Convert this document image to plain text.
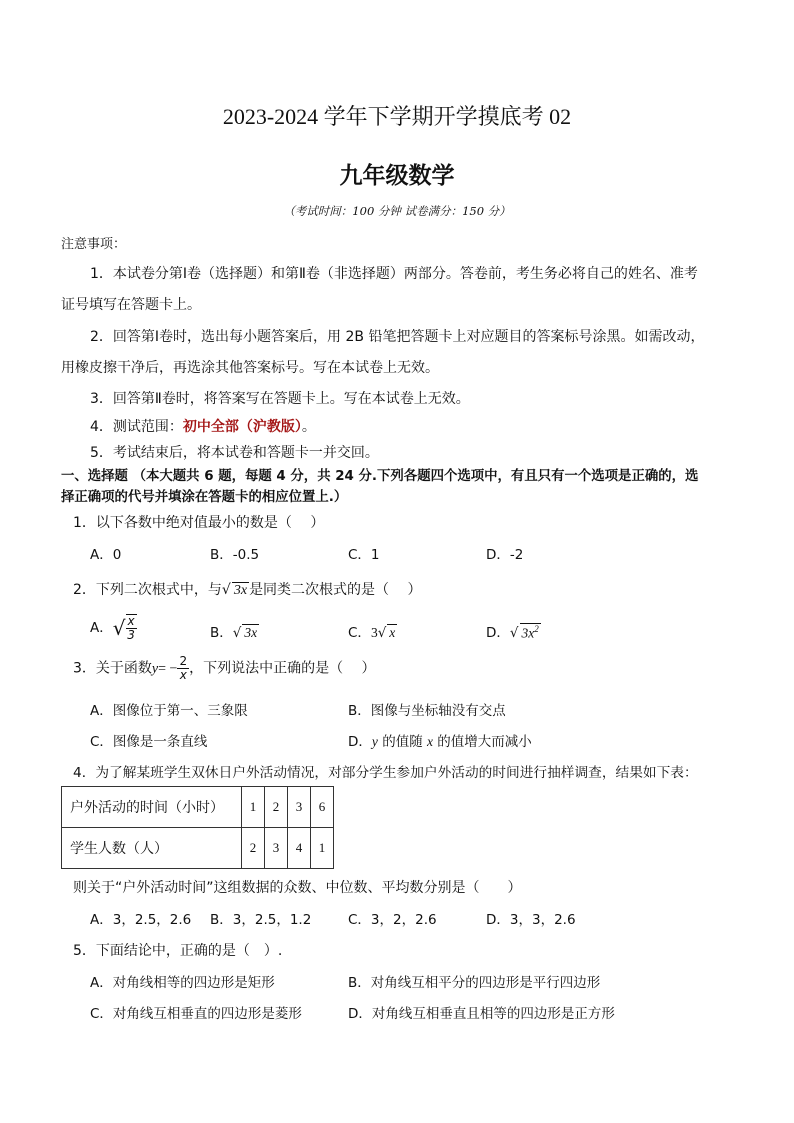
2023-2024 学年下学期开学摸底考 02
九年级数学
（考试时间：100 分钟 试卷满分：150 分）
注意事项：
1．本试卷分第Ⅰ卷（选择题）和第Ⅱ卷（非选择题）两部分。答卷前，考生务必将自己的姓名、准考
证号填写在答题卡上。
2．回答第Ⅰ卷时，选出每小题答案后，用 2B 铅笔把答题卡上对应题目的答案标号涂黑。如需改动，
用橡皮擦干净后，再选涂其他答案标号。写在本试卷上无效。
3．回答第Ⅱ卷时，将答案写在答题卡上。写在本试卷上无效。
4．测试范围：初中全部（沪教版）。
5．考试结束后，将本试卷和答题卡一并交回。
一、选择题 （本大题共 6 题，每题 4 分，共 24 分.下列各题四个选项中，有且只有一个选项是正确的，选
择正确项的代号并填涂在答题卡的相应位置上.）
1．以下各数中绝对值最小的数是（　 ）
A．0	B．-0.5	C．1	D．-2
2．下列二次根式中，与√ 3x 是同类二次根式的是（　 ）
A．√ $\frac{x}{3}$	B．√ 3x	C．3√ x	D．√ $3x^2$
3．关于函数$y= - \frac{2}{x}$ ，下列说法中正确的是（　 ）
A．图像位于第一、三象限	B．图像与坐标轴没有交点
C．图像是一条直线	D．y 的值随 x 的值增大而减小
4．为了解某班学生双休日户外活动情况，对部分学生参加户外活动的时间进行抽样调查，结果如下表：
户外活动的时间（小时）	1	2	3	6
学生人数（人）	2	3	4	1
则关于“户外活动时间”这组数据的众数、中位数、平均数分别是（　　）
A．3，2.5，2.6 B．3，2.5，1.2	C．3，2，2.6	D．3，3，2.6
5．下面结论中，正确的是（　）.
A．对角线相等的四边形是矩形	B．对角线互相平分的四边形是平行四边形
C．对角线互相垂直的四边形是菱形	D．对角线互相垂直且相等的四边形是正方形
